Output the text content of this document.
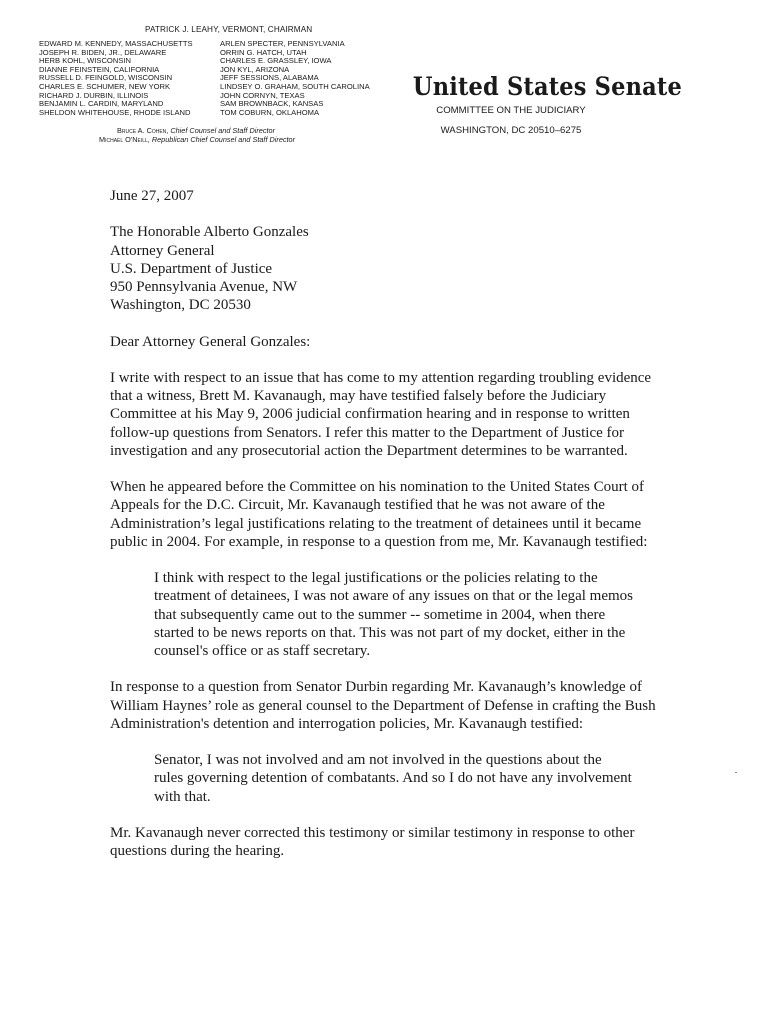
PATRICK J. LEAHY, VERMONT, CHAIRMAN
EDWARD M. KENNEDY, MASSACHUSETTS
JOSEPH R. BIDEN, JR., DELAWARE
HERB KOHL, WISCONSIN
DIANNE FEINSTEIN, CALIFORNIA
RUSSELL D. FEINGOLD, WISCONSIN
CHARLES E. SCHUMER, NEW YORK
RICHARD J. DURBIN, ILLINOIS
BENJAMIN L. CARDIN, MARYLAND
SHELDON WHITEHOUSE, RHODE ISLAND
ARLEN SPECTER, PENNSYLVANIA
ORRIN G. HATCH, UTAH
CHARLES E. GRASSLEY, IOWA
JON KYL, ARIZONA
JEFF SESSIONS, ALABAMA
LINDSEY O. GRAHAM, SOUTH CAROLINA
JOHN CORNYN, TEXAS
SAM BROWNBACK, KANSAS
TOM COBURN, OKLAHOMA
Bruce A. Cohen, Chief Counsel and Staff Director
Michael O'Neill, Republican Chief Counsel and Staff Director
United States Senate
COMMITTEE ON THE JUDICIARY
WASHINGTON, DC 20510–6275

June 27, 2007

The Honorable Alberto Gonzales
Attorney General
U.S. Department of Justice
950 Pennsylvania Avenue, NW
Washington, DC 20530

Dear Attorney General Gonzales:

I write with respect to an issue that has come to my attention regarding troubling evidence that a witness, Brett M. Kavanaugh, may have testified falsely before the Judiciary Committee at his May 9, 2006 judicial confirmation hearing and in response to written follow-up questions from Senators. I refer this matter to the Department of Justice for investigation and any prosecutorial action the Department determines to be warranted.

When he appeared before the Committee on his nomination to the United States Court of Appeals for the D.C. Circuit, Mr. Kavanaugh testified that he was not aware of the Administration’s legal justifications relating to the treatment of detainees until it became public in 2004. For example, in response to a question from me, Mr. Kavanaugh testified:

I think with respect to the legal justifications or the policies relating to the treatment of detainees, I was not aware of any issues on that or the legal memos that subsequently came out to the summer -- sometime in 2004, when there started to be news reports on that. This was not part of my docket, either in the counsel's office or as staff secretary.

In response to a question from Senator Durbin regarding Mr. Kavanaugh’s knowledge of William Haynes’ role as general counsel to the Department of Defense in crafting the Bush Administration's detention and interrogation policies, Mr. Kavanaugh testified:

Senator, I was not involved and am not involved in the questions about the rules governing detention of combatants. And so I do not have any involvement with that.

Mr. Kavanaugh never corrected this testimony or similar testimony in response to other questions during the hearing.
